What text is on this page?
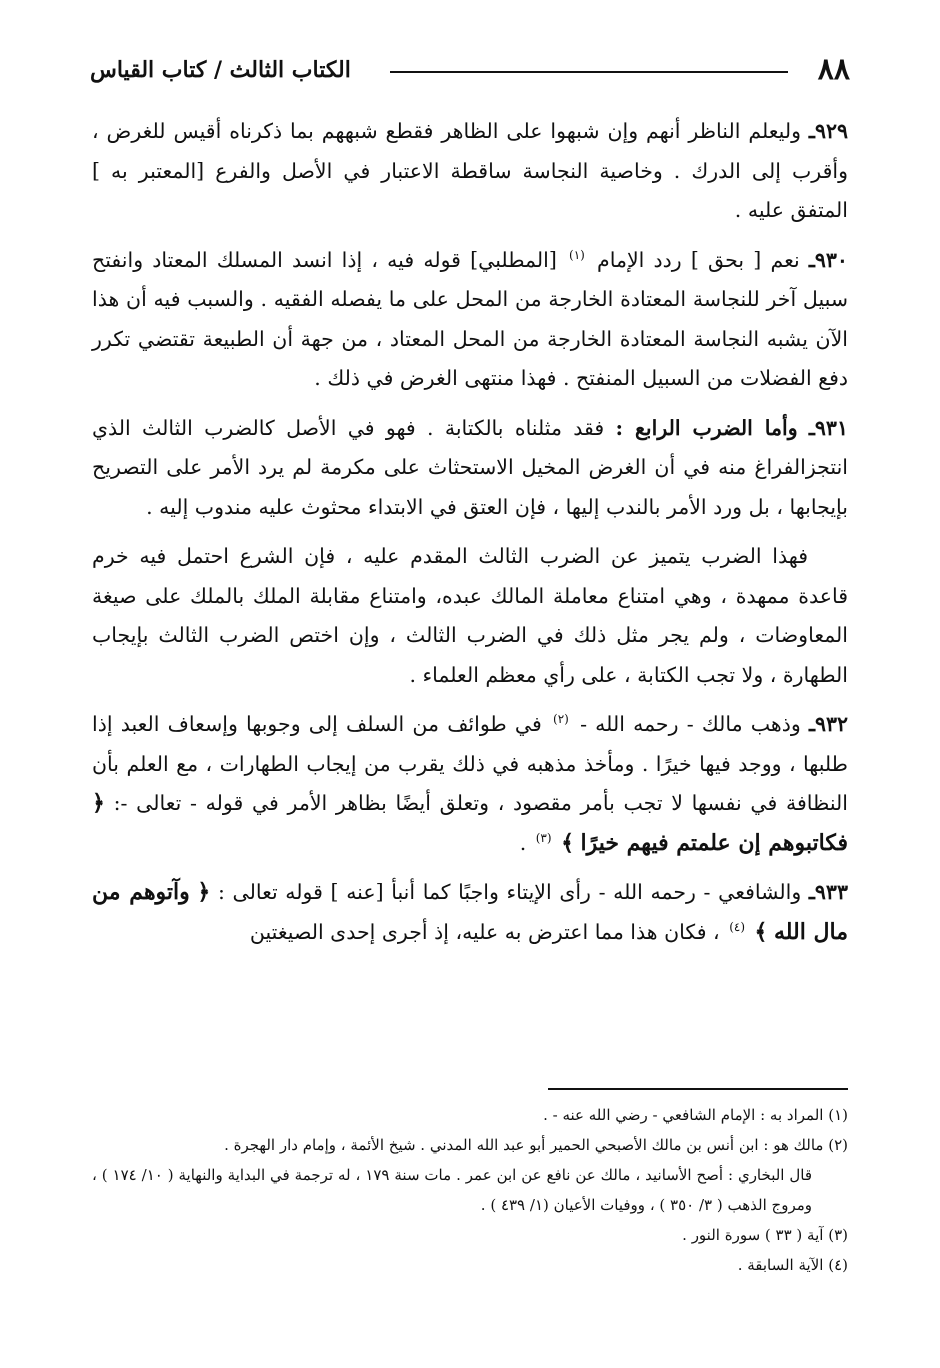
٨٨
الكتاب الثالث / كتاب القياس

٩٢٩ـ وليعلم الناظر أنهم وإن شبهوا على الظاهر فقطع شبههم بما ذكرناه أقيس للغرض ، وأقرب إلى الدرك . وخاصية النجاسة ساقطة الاعتبار في الأصل والفرع [المعتبر به ] المتفق عليه .

٩٣٠ـ نعم [ بحق ] ردد الإمام $^{(١)}$ [المطلبي] قوله فيه ، إذا انسد المسلك المعتاد وانفتح سبيل آخر للنجاسة المعتادة الخارجة من المحل على ما يفصله الفقيه . والسبب فيه أن هذا الآن يشبه النجاسة المعتادة الخارجة من المحل المعتاد ، من جهة أن الطبيعة تقتضي تكرر دفع الفضلات من السبيل المنفتح . فهذا منتهى الغرض في ذلك .

٩٣١ـ وأما الضرب الرابع : فقد مثلناه بالكتابة . فهو في الأصل كالضرب الثالث الذي انتجزالفراغ منه في أن الغرض المخيل الاستحثاث على مكرمة لم يرد الأمر على التصريح بإيجابها ، بل ورد الأمر بالندب إليها ، فإن العتق في الابتداء محثوث عليه مندوب إليه .

فهذا الضرب يتميز عن الضرب الثالث المقدم عليه ، فإن الشرع احتمل فيه خرم قاعدة ممهدة ، وهي امتناع معاملة المالك عبده، وامتناع مقابلة الملك بالملك على صيغة المعاوضات ، ولم يجر مثل ذلك في الضرب الثالث ، وإن اختص الضرب الثالث بإيجاب الطهارة ، ولا تجب الكتابة ، على رأي معظم العلماء .

٩٣٢ـ وذهب مالك - رحمه الله - $^{(٢)}$ في طوائف من السلف إلى وجوبها وإسعاف العبد إذا طلبها ، ووجد فيها خيرًا . ومأخذ مذهبه في ذلك يقرب من إيجاب الطهارات ، مع العلم بأن النظافة في نفسها لا تجب بأمر مقصود ، وتعلق أيضًا بظاهر الأمر في قوله - تعالى -: ﴿ فكاتبوهم إن علمتم فيهم خيرًا ﴾ $^{(٣)}$ .

٩٣٣ـ والشافعي - رحمه الله - رأى الإيتاء واجبًا كما أنبأ [عنه ] قوله تعالى : ﴿ وآتوهم من مال الله ﴾ $^{(٤)}$ ، فكان هذا مما اعترض به عليه، إذ أجرى إحدى الصيغتين

(١) المراد به : الإمام الشافعي - رضي الله عنه - .

(٢) مالك هو : ابن أنس بن مالك الأصبحي الحمير أبو عبد الله المدني . شيخ الأئمة ، وإمام دار الهجرة .
قال البخاري : أصح الأسانيد ، مالك عن نافع عن ابن عمر . مات سنة ١٧٩ ، له ترجمة في البداية والنهاية ( ١٠/ ١٧٤ ) ، ومروج الذهب ( ٣/ ٣٥٠ ) ، ووفيات الأعيان (١/ ٤٣٩ ) .

(٣) آية ( ٣٣ ) سورة النور .

(٤) الآية السابقة .
